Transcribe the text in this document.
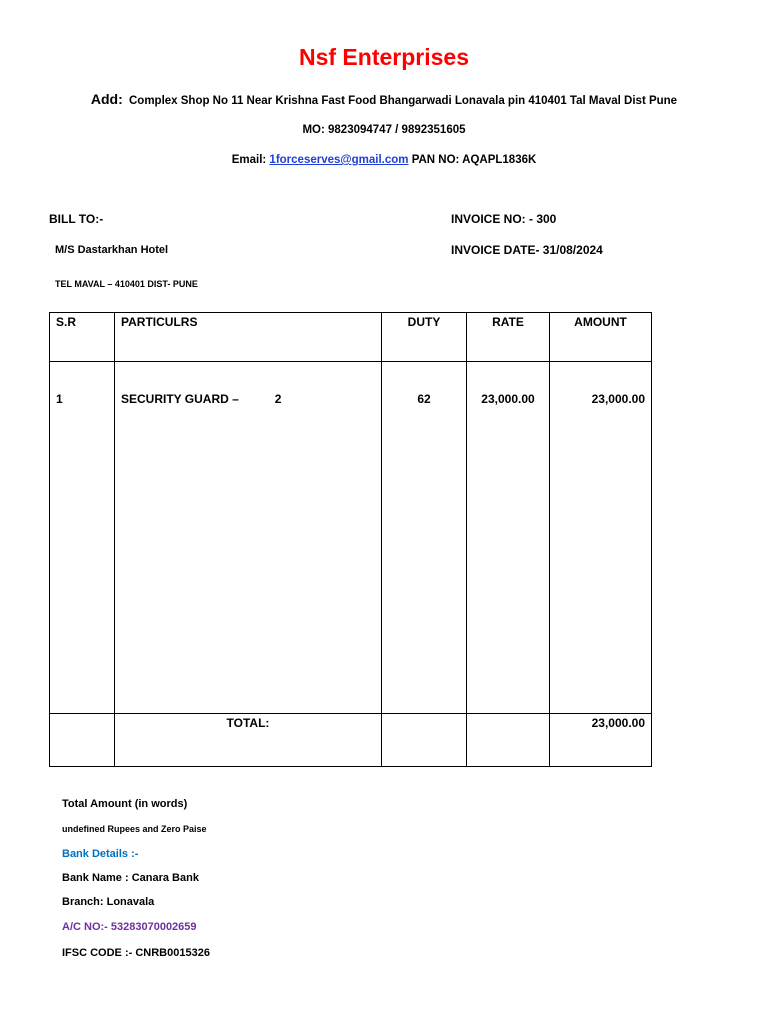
Nsf Enterprises
Add: Complex Shop No 11 Near Krishna Fast Food Bhangarwadi Lonavala pin 410401 Tal Maval Dist Pune
MO: 9823094747 / 9892351605
Email: 1forceserves@gmail.com PAN NO: AQAPL1836K
BILL TO:-	INVOICE NO: - 300
M/S Dastarkhan Hotel	INVOICE DATE- 31/08/2024
TEL MAVAL – 410401 DIST- PUNE
S.R	PARTICULRS	DUTY	RATE	AMOUNT
1	SECURITY GUARD – 2	62	23,000.00	23,000.00
	TOTAL:			23,000.00
Total Amount (in words)
undefined Rupees and Zero Paise
Bank Details :-
Bank Name : Canara Bank
Branch: Lonavala
A/C NO:- 53283070002659
IFSC CODE :- CNRB0015326
